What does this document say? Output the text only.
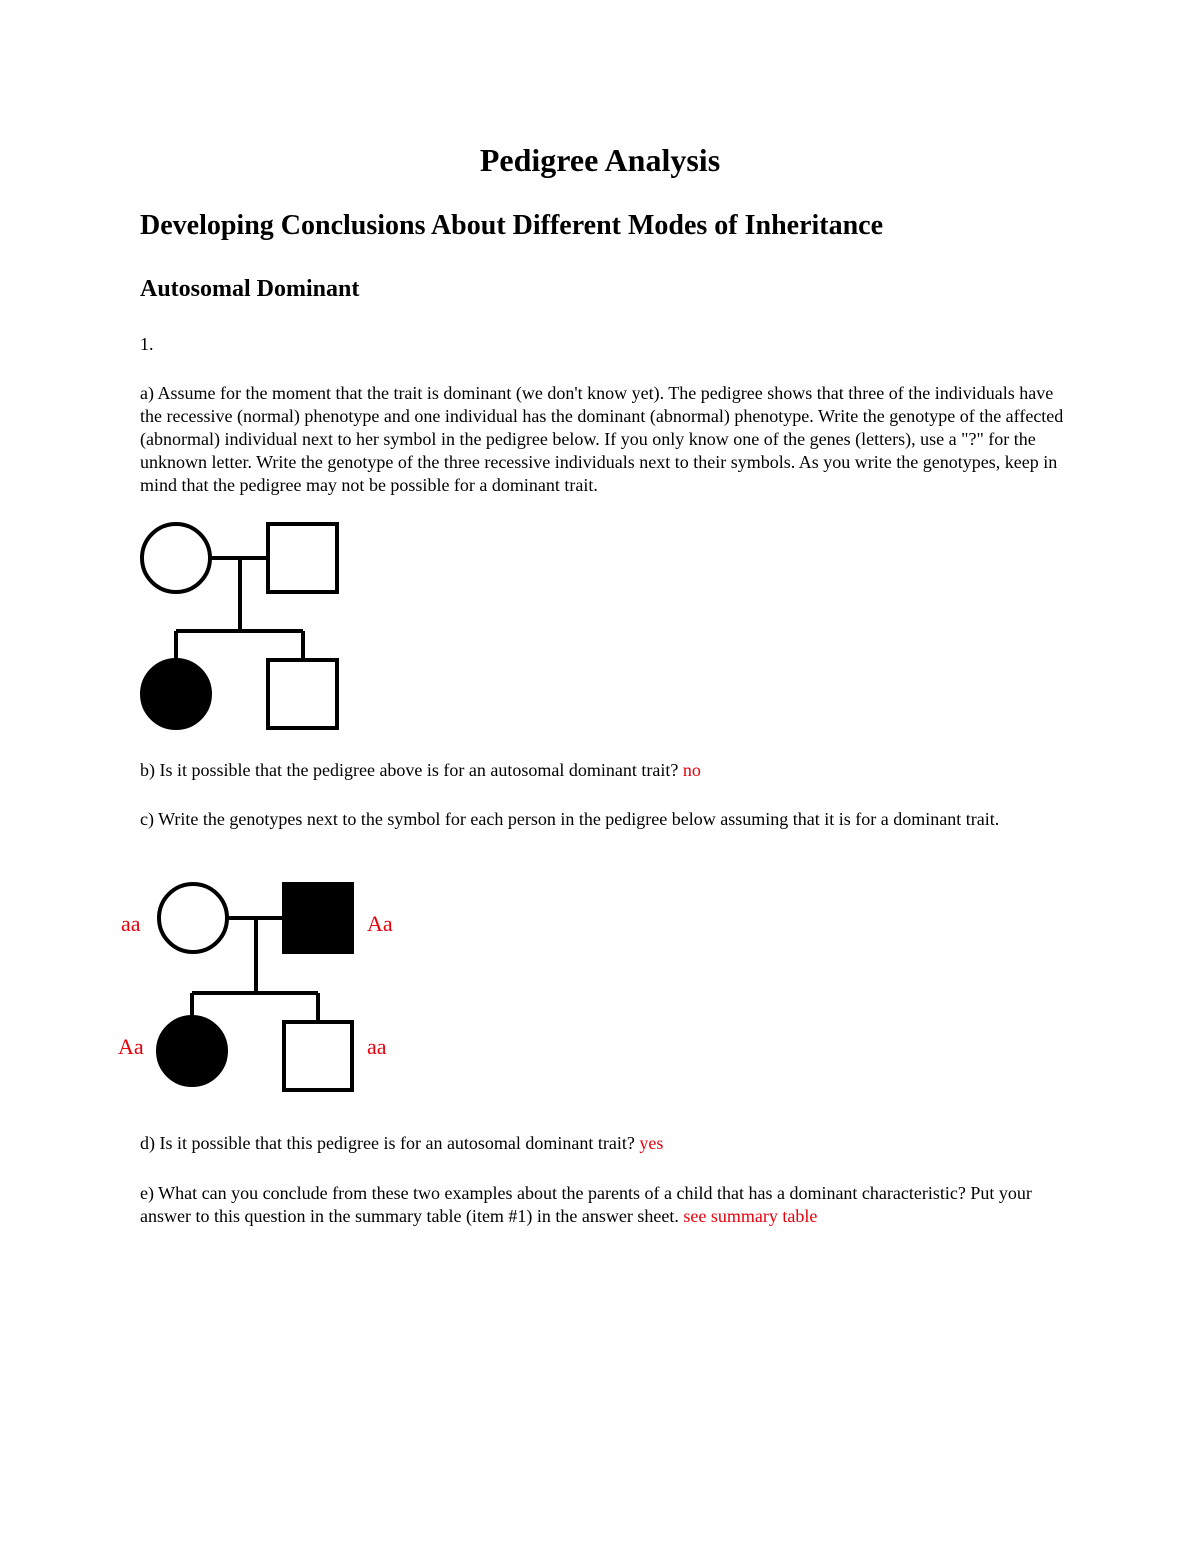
Pedigree Analysis
Developing Conclusions About Different Modes of Inheritance
Autosomal Dominant
1.
a) Assume for the moment that the trait is dominant (we don't know yet). The pedigree shows that three of the individuals have the recessive (normal) phenotype and one individual has the dominant (abnormal) phenotype. Write the genotype of the affected (abnormal) individual next to her symbol in the pedigree below. If you only know one of the genes (letters), use a "?" for the unknown letter. Write the genotype of the three recessive individuals next to their symbols. As you write the genotypes, keep in mind that the pedigree may not be possible for a dominant trait.
b) Is it possible that the pedigree above is for an autosomal dominant trait? no
c) Write the genotypes next to the symbol for each person in the pedigree below assuming that it is for a dominant trait.
aa	Aa
Aa	aa
d) Is it possible that this pedigree is for an autosomal dominant trait? yes
e) What can you conclude from these two examples about the parents of a child that has a dominant characteristic? Put your answer to this question in the summary table (item #1) in the answer sheet. see summary table
